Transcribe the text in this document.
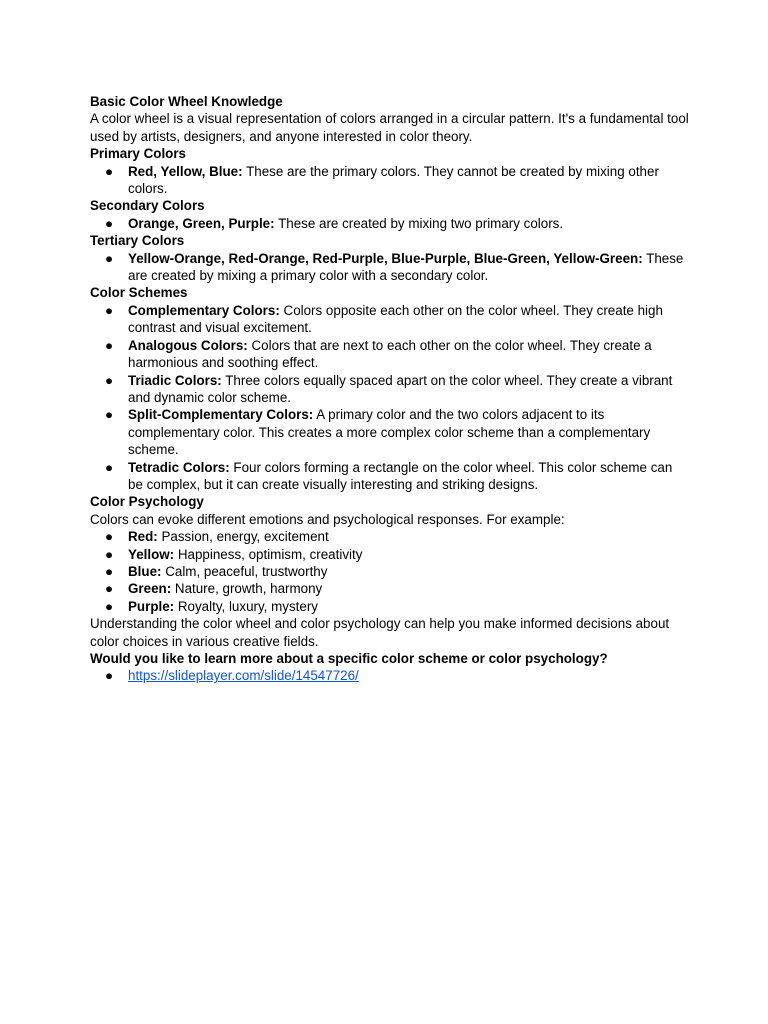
Basic Color Wheel Knowledge

A color wheel is a visual representation of colors arranged in a circular pattern. It's a fundamental tool used by artists, designers, and anyone interested in color theory.

Primary Colors

● Red, Yellow, Blue: These are the primary colors. They cannot be created by mixing other colors.

Secondary Colors

● Orange, Green, Purple: These are created by mixing two primary colors.

Tertiary Colors

● Yellow-Orange, Red-Orange, Red-Purple, Blue-Purple, Blue-Green, Yellow-Green: These are created by mixing a primary color with a secondary color.

Color Schemes

● Complementary Colors: Colors opposite each other on the color wheel. They create high contrast and visual excitement.
● Analogous Colors: Colors that are next to each other on the color wheel. They create a harmonious and soothing effect.
● Triadic Colors: Three colors equally spaced apart on the color wheel. They create a vibrant and dynamic color scheme.
● Split-Complementary Colors: A primary color and the two colors adjacent to its complementary color. This creates a more complex color scheme than a complementary scheme.
● Tetradic Colors: Four colors forming a rectangle on the color wheel. This color scheme can be complex, but it can create visually interesting and striking designs.

Color Psychology

Colors can evoke different emotions and psychological responses. For example:

● Red: Passion, energy, excitement
● Yellow: Happiness, optimism, creativity
● Blue: Calm, peaceful, trustworthy
● Green: Nature, growth, harmony
● Purple: Royalty, luxury, mystery

Understanding the color wheel and color psychology can help you make informed decisions about color choices in various creative fields.

Would you like to learn more about a specific color scheme or color psychology?

● https://slideplayer.com/slide/14547726/
